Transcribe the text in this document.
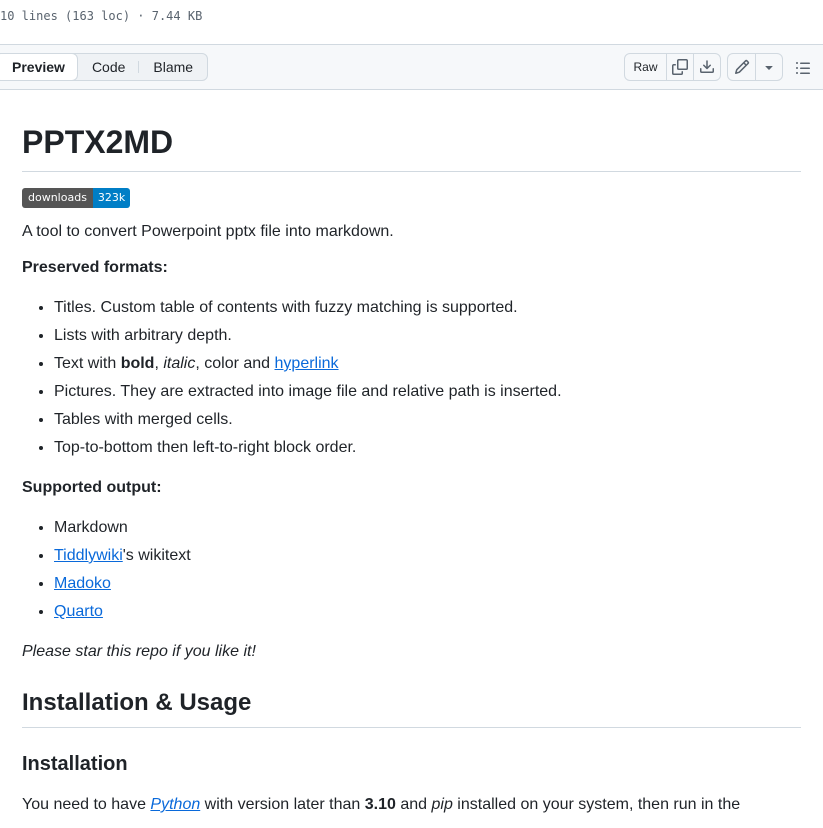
10 lines (163 loc) · 7.44 KB
Preview	Code	Blame	Raw
PPTX2MD
downloads	323k

A tool to convert Powerpoint pptx file into markdown.

Preserved formats:

• Titles. Custom table of contents with fuzzy matching is supported.
• Lists with arbitrary depth.
• Text with bold, italic, color and hyperlink
• Pictures. They are extracted into image file and relative path is inserted.
• Tables with merged cells.
• Top-to-bottom then left-to-right block order.

Supported output:

• Markdown
• Tiddlywiki's wikitext
• Madoko
• Quarto

Please star this repo if you like it!

Installation & Usage
Installation

You need to have Python with version later than 3.10 and pip installed on your system, then run in the
